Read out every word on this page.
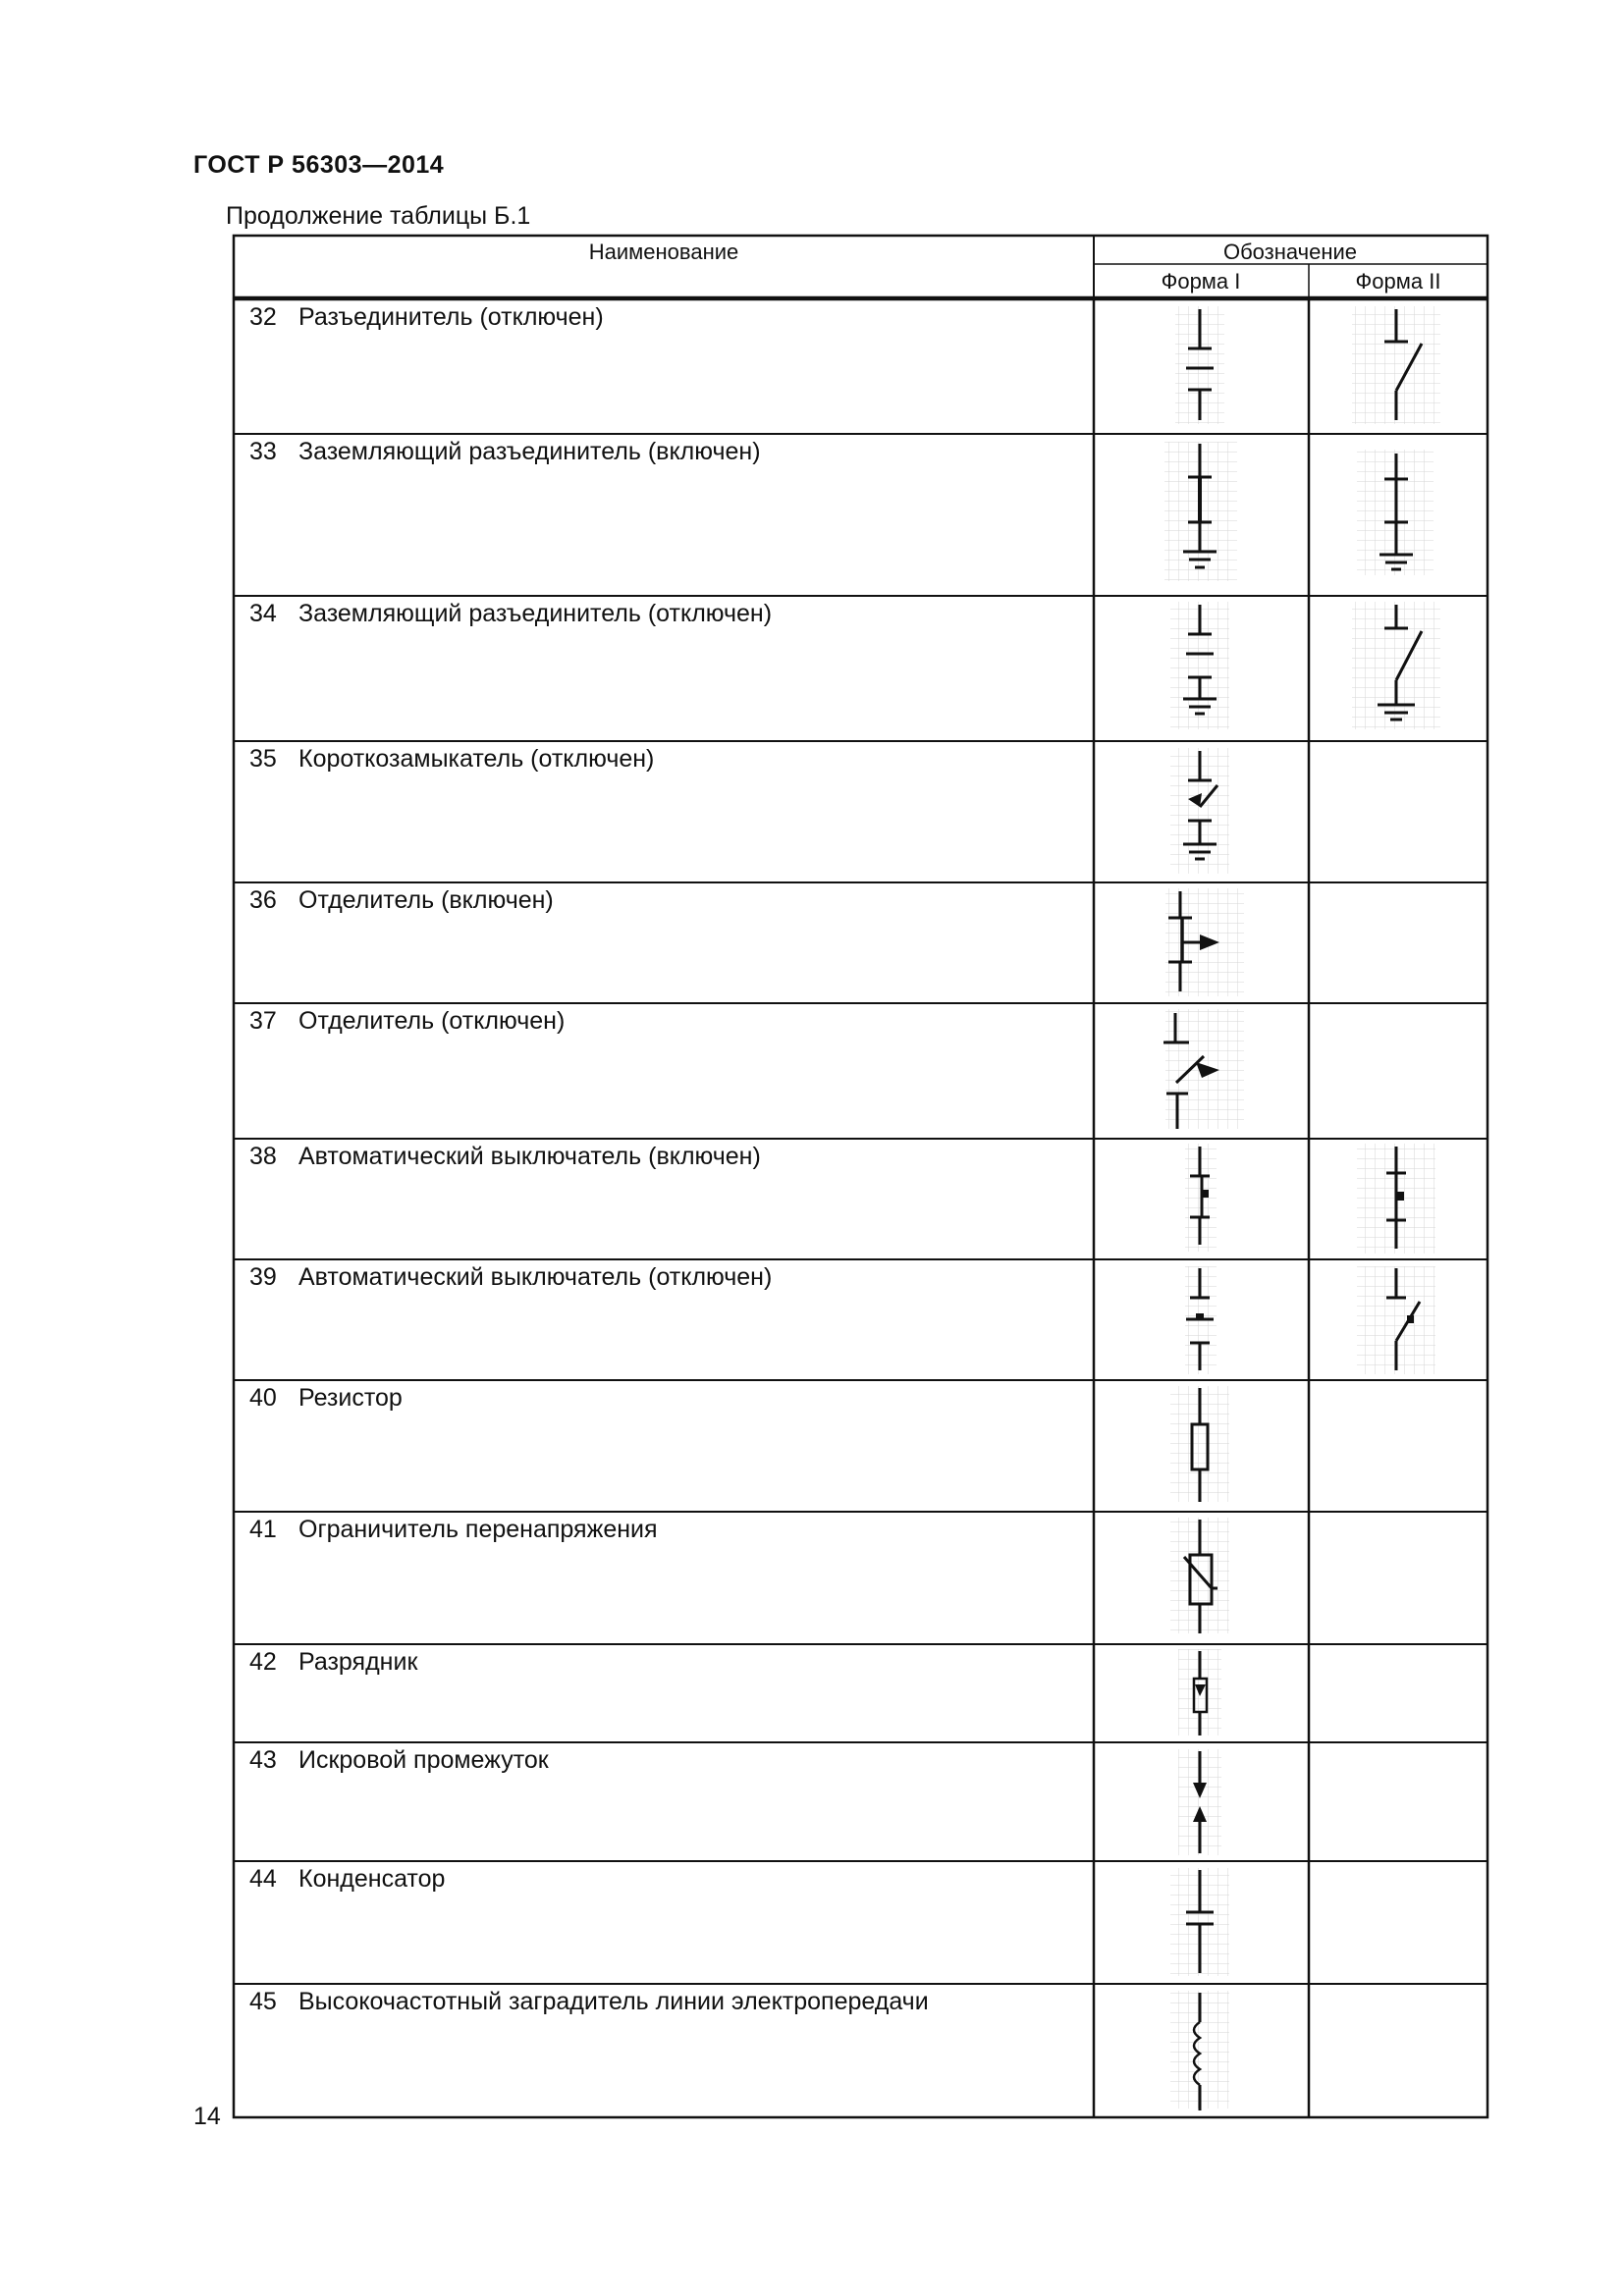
ГОСТ Р 56303—2014
Продолжение таблицы Б.1
Наименование	Обозначение
Форма I	Форма II
32 Разъединитель (отключен)
33 Заземляющий разъединитель (включен)
34 Заземляющий разъединитель (отключен)
35 Короткозамыкатель (отключен)
36 Отделитель (включен)
37 Отделитель (отключен)
38 Автоматический выключатель (включен)
39 Автоматический выключатель (отключен)
40 Резистор
41 Ограничитель перенапряжения
42 Разрядник
43 Искровой промежуток
44 Конденсатор
45 Высокочастотный заградитель линии электропередачи
14
